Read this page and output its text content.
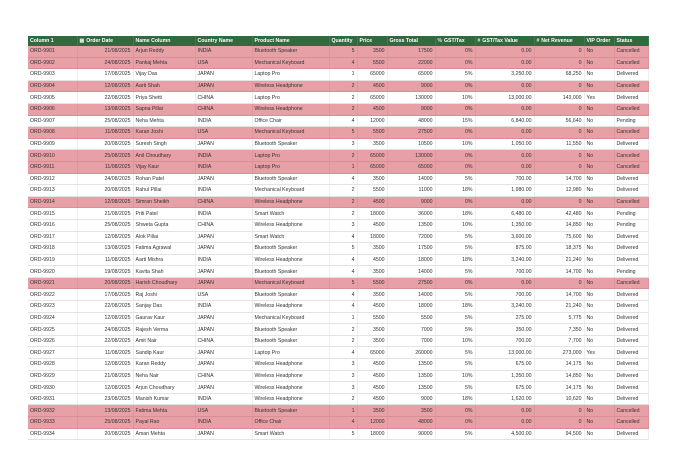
Column 1	▦ Order Date	Name Column	Country Name	Product Name	Quantity	Price	Gross Total	% GST/Tax	# GST/Tax Value	# Net Revenue	VIP Order	Status
ORD-9901	21/08/2025	Arjun Reddy	INDIA	Bluetooth Speaker	5	3500	17500	0%	0.00	0	No	Cancelled
ORD-9902	24/08/2025	Pankaj Mehta	USA	Mechanical Keyboard	4	5500	22000	0%	0.00	0	No	Cancelled
ORD-9903	17/08/2025	Vijay Das	JAPAN	Laptop Pro	1	65000	65000	5%	3,250.00	68,250	No	Delivered
ORD-9904	12/08/2025	Aarti Shah	JAPAN	Wireless Headphone	2	4500	9000	0%	0.00	0	No	Cancelled
ORD-9905	22/08/2025	Priya Shetti	CHINA	Laptop Pro	2	65000	130000	10%	13,000.00	143,000	Yes	Delivered
ORD-9906	13/08/2025	Sapna Pillai	CHINA	Wireless Headphone	2	4500	9000	0%	0.00	0	No	Cancelled
ORD-9907	25/08/2025	Neha Mehta	INDIA	Office Chair	4	12000	48000	15%	6,840.00	56,640	No	Pending
ORD-9908	11/08/2025	Karan Joshi	USA	Mechanical Keyboard	5	5500	27500	0%	0.00	0	No	Cancelled
ORD-9909	20/08/2025	Suresh Singh	JAPAN	Bluetooth Speaker	3	3500	10500	10%	1,050.00	11,550	No	Delivered
ORD-9910	25/08/2025	Anil Choudhary	INDIA	Laptop Pro	2	65000	130000	0%	0.00	0	No	Cancelled
ORD-9911	11/08/2025	Vijay Kaur	INDIA	Laptop Pro	1	65000	65000	0%	0.00	0	No	Cancelled
ORD-9912	24/08/2025	Rohan Patel	JAPAN	Bluetooth Speaker	4	3500	14000	5%	700.00	14,700	No	Delivered
ORD-9913	20/08/2025	Rahul Pillai	INDIA	Mechanical Keyboard	2	5500	11000	18%	1,980.00	12,980	No	Delivered
ORD-9914	12/08/2025	Simran Sheikh	CHINA	Wireless Headphone	2	4500	9000	0%	0.00	0	No	Cancelled
ORD-9915	21/08/2025	Priti Patel	INDIA	Smart Watch	2	18000	36000	18%	6,480.00	42,480	No	Pending
ORD-9916	25/08/2025	Shweta Gupta	CHINA	Wireless Headphone	3	4500	13500	10%	1,350.00	14,850	No	Pending
ORD-9917	12/08/2025	Alok Pillai	JAPAN	Smart Watch	4	18000	72000	5%	3,600.00	75,600	No	Delivered
ORD-9918	13/08/2025	Fatima Agrawal	JAPAN	Bluetooth Speaker	5	3500	17500	5%	875.00	18,375	No	Delivered
ORD-9919	11/08/2025	Aarti Mishra	INDIA	Wireless Headphone	4	4500	18000	18%	3,240.00	21,240	No	Delivered
ORD-9920	19/08/2025	Kavita Shah	JAPAN	Bluetooth Speaker	4	3500	14000	5%	700.00	14,700	No	Pending
ORD-9921	20/08/2025	Harish Choudhary	JAPAN	Mechanical Keyboard	5	5500	27500	0%	0.00	0	No	Cancelled
ORD-9922	17/08/2025	Raj Joshi	USA	Bluetooth Speaker	4	3500	14000	5%	700.00	14,700	No	Delivered
ORD-9923	22/08/2025	Sanjay Das	INDIA	Wireless Headphone	4	4500	18000	18%	3,240.00	21,240	No	Delivered
ORD-9924	12/08/2025	Gaurav Kaur	JAPAN	Mechanical Keyboard	1	5500	5500	5%	275.00	5,775	No	Delivered
ORD-9925	24/08/2025	Rajesh Verma	JAPAN	Bluetooth Speaker	2	3500	7000	5%	350.00	7,350	No	Delivered
ORD-9926	22/08/2025	Amit Nair	CHINA	Bluetooth Speaker	2	3500	7000	10%	700.00	7,700	No	Delivered
ORD-9927	11/08/2025	Sandip Kaur	JAPAN	Laptop Pro	4	65000	260000	5%	13,000.00	273,000	Yes	Delivered
ORD-9928	12/08/2025	Karan Reddy	JAPAN	Wireless Headphone	3	4500	13500	5%	675.00	14,175	No	Delivered
ORD-9929	21/08/2025	Neha Nair	CHINA	Wireless Headphone	3	4500	13500	10%	1,350.00	14,850	No	Delivered
ORD-9930	12/08/2025	Arjun Choudhary	JAPAN	Wireless Headphone	3	4500	13500	5%	675.00	14,175	No	Delivered
ORD-9931	23/08/2025	Manish Kumar	INDIA	Wireless Headphone	2	4500	9000	18%	1,620.00	10,620	No	Delivered
ORD-9932	13/08/2025	Fatima Mehta	USA	Bluetooth Speaker	1	3500	3500	0%	0.00	0	No	Cancelled
ORD-9933	25/08/2025	Payal Rao	INDIA	Office Chair	4	12000	48000	0%	0.00	0	No	Cancelled
ORD-9934	20/08/2025	Aman Mehta	JAPAN	Smart Watch	5	18000	90000	5%	4,500.00	94,500	No	Delivered
